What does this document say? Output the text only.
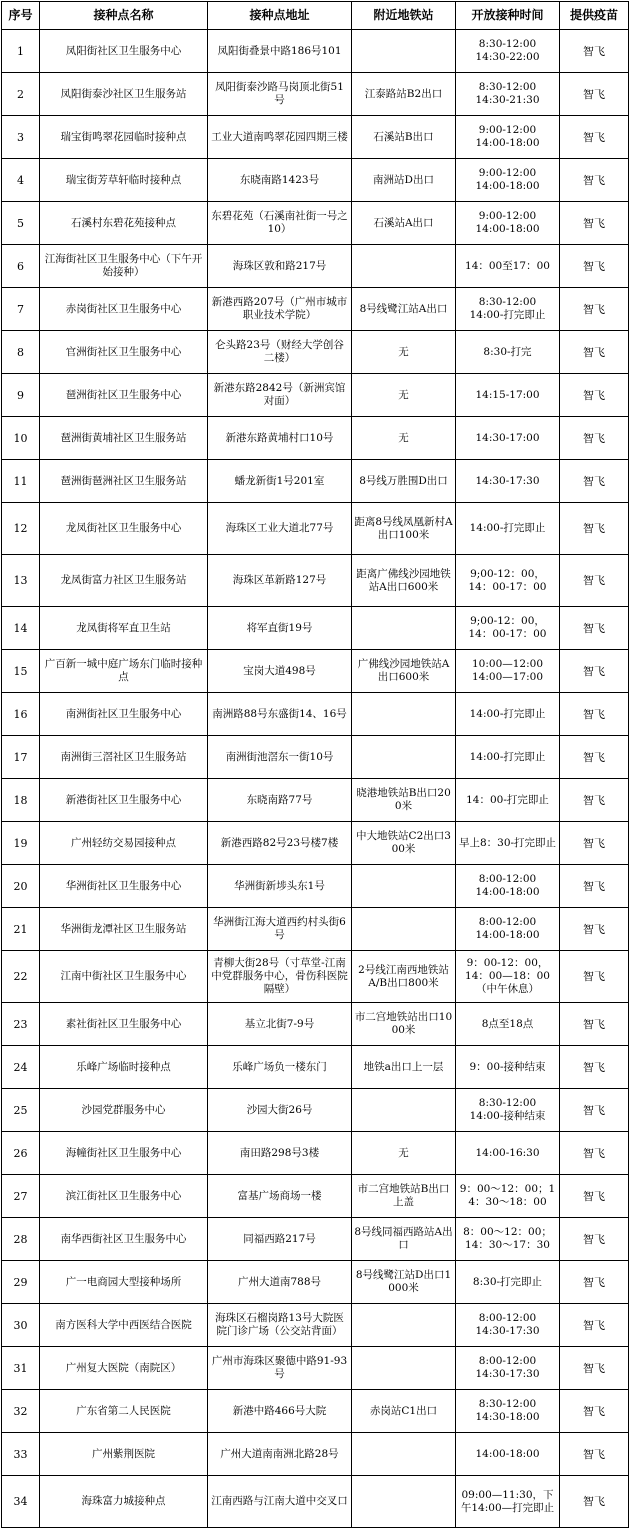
序号	接种点名称	接种点地址	附近地铁站	开放接种时间	提供疫苗
1	凤阳街社区卫生服务中心	凤阳街叠景中路186号101		8:30-12:00
14:30-22:00	智飞
2	凤阳街泰沙社区卫生服务站	凤阳街泰沙路马岗顶北街51号	江泰路站B2出口	8:30-12:00
14:30-21:30	智飞
3	瑞宝街鸣翠花园临时接种点	工业大道南鸣翠花园四期三楼	石溪站B出口	9:00-12:00
14:00-18:00	智飞
4	瑞宝街芳草轩临时接种点	东晓南路1423号	南洲站D出口	9:00-12:00
14:00-18:00	智飞
5	石溪村东碧花苑接种点	东碧花苑（石溪南社街一号之10）	石溪站A出口	9:00-12:00
14:00-18:00	智飞
6	江海街社区卫生服务中心（下午开始接种）	海珠区敦和路217号		14：00至17：00	智飞
7	赤岗街社区卫生服务中心	新港西路207号（广州市城市职业技术学院）	8号线鹭江站A出口	8:30-12:00
14:00-打完即止	智飞
8	官洲街社区卫生服务中心	仑头路23号（财经大学创谷二楼）	无	8:30-打完	智飞
9	琶洲街社区卫生服务中心	新港东路2842号（新洲宾馆对面）	无	14:15-17:00	智飞
10	琶洲街黄埔社区卫生服务站	新港东路黄埔村口10号	无	14:30-17:00	智飞
11	琶洲街琶洲社区卫生服务站	蟠龙新街1号201室	8号线万胜围D出口	14:30-17:30	智飞
12	龙凤街社区卫生服务中心	海珠区工业大道北77号	距离8号线凤凰新村A出口100米	14:00-打完即止	智飞
13	龙凤街富力社区卫生服务站	海珠区革新路127号	距离广佛线沙园地铁站A出口600米	9;00-12：00，
14：00-17：00	智飞
14	龙凤街将军直卫生站	将军直街19号		9;00-12：00，
14：00-17：00	智飞
15	广百新一城中庭广场东门临时接种点	宝岗大道498号	广佛线沙园地铁站A出口600米	10:00—12:00
14:00—17:00	智飞
16	南洲街社区卫生服务中心	南洲路88号东盛街14、16号		14:00-打完即止	智飞
17	南洲街三滘社区卫生服务站	南洲街池滘东一街10号		14:00-打完即止	智飞
18	新港街社区卫生服务中心	东晓南路77号	晓港地铁站B出口200米	14：00-打完即止	智飞
19	广州轻纺交易园接种点	新港西路82号23号楼7楼	中大地铁站C2出口300米	早上8：30-打完即止	智飞
20	华洲街社区卫生服务中心	华洲街新埗头东1号		8:00-12:00
14:00-18:00	智飞
21	华洲街龙潭社区卫生服务站	华洲街江海大道西约村头街6号		8:00-12:00
14:00-18:00	智飞
22	江南中街社区卫生服务中心	青柳大街28号（寸草堂-江南中党群服务中心，骨伤科医院隔壁）	2号线江南西地铁站A/B出口800米	9：00-12：00，
14：00—18：00
（中午休息）	智飞
23	素社街社区卫生服务中心	基立北街7-9号	市二宫地铁站出口1000米	8点至18点	智飞
24	乐峰广场临时接种点	乐峰广场负一楼东门	地铁a出口上一层	9：00-接种结束	智飞
25	沙园党群服务中心	沙园大街26号		8:30-12:00
14:00-接种结束	智飞
26	海幢街社区卫生服务中心	南田路298号3楼	无	14:00-16:30	智飞
27	滨江街社区卫生服务中心	富基广场商场一楼	市二宫地铁站B出口上盖	9：00～12：00；14：30～18：00	智飞
28	南华西街社区卫生服务中心	同福西路217号	8号线同福西路站A出口	8：00～12：00；
14：30～17：30	智飞
29	广一电商园大型接种场所	广州大道南788号	8号线鹭江站D出口1000米	8:30-打完即止	智飞
30	南方医科大学中西医结合医院	海珠区石榴岗路13号大院医院门诊广场（公交站背面）		8:00-12:00
14:30-17:30	智飞
31	广州复大医院（南院区）	广州市海珠区聚德中路91-93号		8:00-12:00
14:30-17:30	智飞
32	广东省第二人民医院	新港中路466号大院	赤岗站C1出口	8:30-12:00
14:30-18:00	智飞
33	广州紫荆医院	广州大道南南洲北路28号		14:00-18:00	智飞
34	海珠富力城接种点	江南西路与江南大道中交叉口		09:00—11:30，下午14:00—打完即止	智飞
